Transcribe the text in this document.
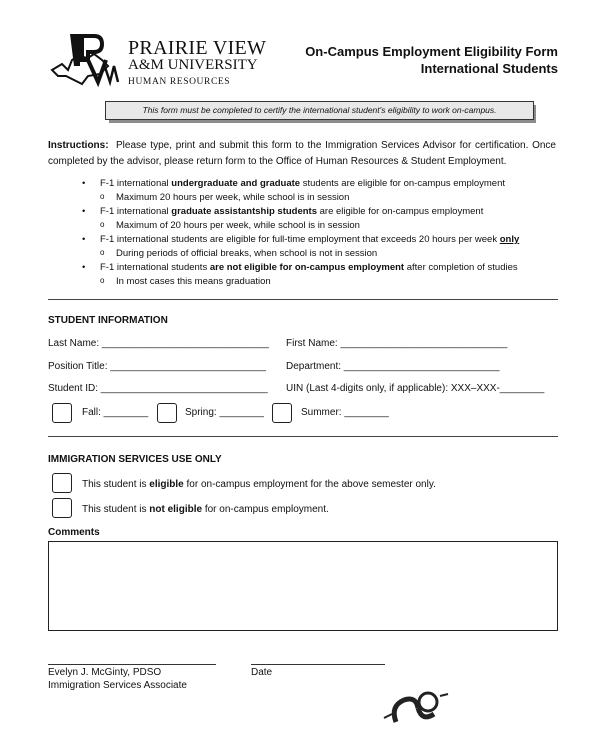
PRAIRIE VIEW
A&M UNIVERSITY
HUMAN RESOURCES
On-Campus Employment Eligibility Form
International Students
This form must be completed to certify the international student's eligibility to work on-campus.
Instructions: Please type, print and submit this form to the Immigration Services Advisor for certification. Once completed by the advisor, please return form to the Office of Human Resources & Student Employment.
• F-1 international undergraduate and graduate students are eligible for on-campus employment
o Maximum 20 hours per week, while school is in session
• F-1 international graduate assistantship students are eligible for on-campus employment
o Maximum of 20 hours per week, while school is in session
• F-1 international students are eligible for full-time employment that exceeds 20 hours per week only
o During periods of official breaks, when school is not in session
• F-1 international students are not eligible for on-campus employment after completion of studies
o In most cases this means graduation
STUDENT INFORMATION
Last Name: ______________________________ First Name: ______________________________
Position Title: ____________________________ Department: ____________________________
Student ID: ______________________________ UIN (Last 4-digits only, if applicable): XXX–XXX-________
Fall: ________	Spring: ________	Summer: ________
IMMIGRATION SERVICES USE ONLY
This student is eligible for on-campus employment for the above semester only.
This student is not eligible for on-campus employment.
Comments
Evelyn J. McGinty, PDSO
Immigration Services Associate
Date
